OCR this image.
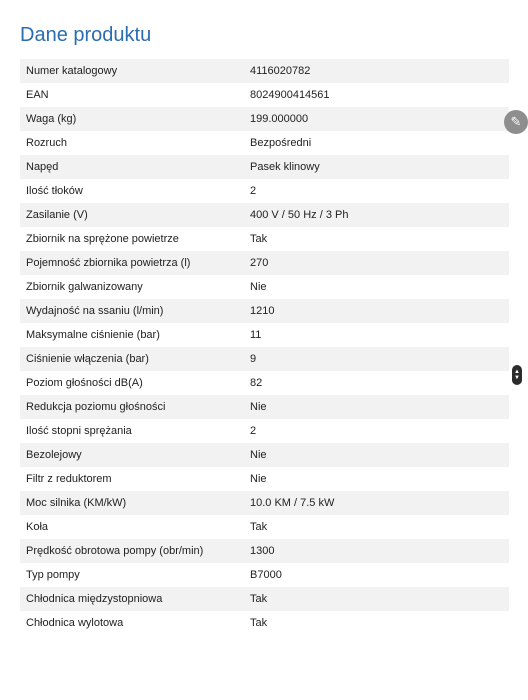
Dane produktu
Numer katalogowy	4116020782
EAN	8024900414561
Waga (kg)	199.000000
Rozruch	Bezpośredni
Napęd	Pasek klinowy
Ilość tłoków	2
Zasilanie (V)	400 V / 50 Hz / 3 Ph
Zbiornik na sprężone powietrze	Tak
Pojemność zbiornika powietrza (l)	270
Zbiornik galwanizowany	Nie
Wydajność na ssaniu (l/min)	1210
Maksymalne ciśnienie (bar)	11
Ciśnienie włączenia (bar)	9
Poziom głośności dB(A)	82
Redukcja poziomu głośności	Nie
Ilość stopni sprężania	2
Bezolejowy	Nie
Filtr z reduktorem	Nie
Moc silnika (KM/kW)	10.0 KM / 7.5 kW
Koła	Tak
Prędkość obrotowa pompy (obr/min)	1300
Typ pompy	B7000
Chłodnica międzystopniowa	Tak
Chłodnica wylotowa	Tak
✎
▲
▼
